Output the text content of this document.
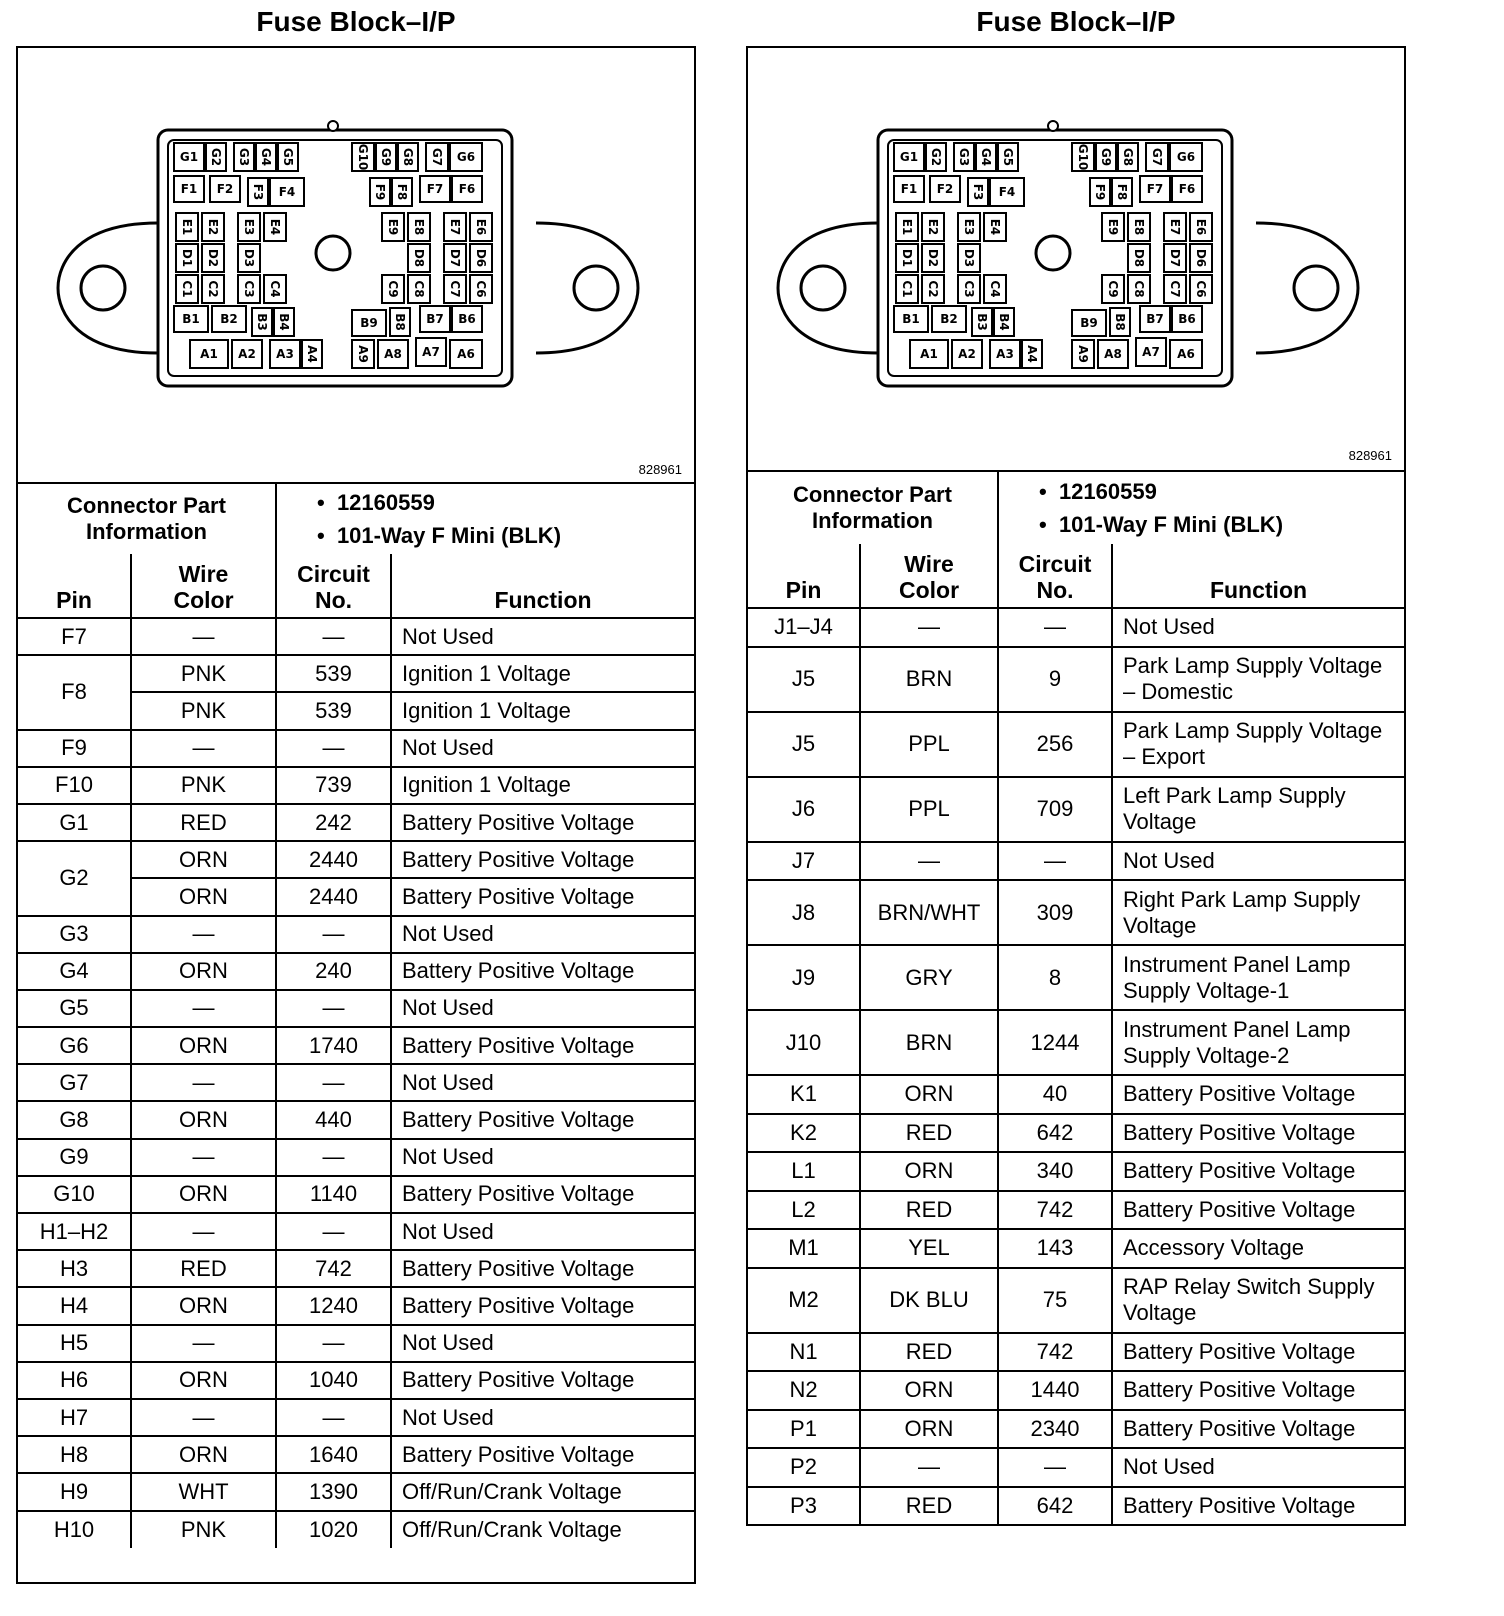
Fuse Block–I/P
G1 G2 G3 G4 G5
F1 F2 F3 F4
E1 E2 E3 E4
D1 D2 D3
C1 C2 C3 C4
B1 B2 B3 B4
A1 A2 A3 A4
G10 G9 G8 G7 G6
F9 F8 F7 F6
E9 E8 E7 E6
D8 D7 D6
C9 C8 C7 C6
B9 B8 B7 B6
A9 A8 A7 A6
828961
Connector Part Information

•  12160559
•  101-Way F Mini (BLK)
Pin	Wire Color	Circuit No.	Function
F7	—	—	Not Used
F8	PNK	539	Ignition 1 Voltage
	PNK	539	Ignition 1 Voltage
F9	—	—	Not Used
F10	PNK	739	Ignition 1 Voltage
G1	RED	242	Battery Positive Voltage
G2	ORN	2440	Battery Positive Voltage
	ORN	2440	Battery Positive Voltage
G3	—	—	Not Used
G4	ORN	240	Battery Positive Voltage
G5	—	—	Not Used
G6	ORN	1740	Battery Positive Voltage
G7	—	—	Not Used
G8	ORN	440	Battery Positive Voltage
G9	—	—	Not Used
G10	ORN	1140	Battery Positive Voltage
H1–H2	—	—	Not Used
H3	RED	742	Battery Positive Voltage
H4	ORN	1240	Battery Positive Voltage
H5	—	—	Not Used
H6	ORN	1040	Battery Positive Voltage
H7	—	—	Not Used
H8	ORN	1640	Battery Positive Voltage
H9	WHT	1390	Off/Run/Crank Voltage
H10	PNK	1020	Off/Run/Crank Voltage
Fuse Block–I/P
G1 G2 G3 G4 G5
F1 F2 F3 F4
E1 E2 E3 E4
D1 D2 D3
C1 C2 C3 C4
B1 B2 B3 B4
A1 A2 A3 A4
G10 G9 G8 G7 G6
F9 F8 F7 F6
E9 E8 E7 E6
D8 D7 D6
C9 C8 C7 C6
B9 B8 B7 B6
A9 A8 A7 A6
828961
Connector Part Information

•  12160559
•  101-Way F Mini (BLK)
Pin	Wire Color	Circuit No.	Function
J1–J4	—	—	Not Used
J5	BRN	9	Park Lamp Supply Voltage – Domestic
J5	PPL	256	Park Lamp Supply Voltage – Export
J6	PPL	709	Left Park Lamp Supply Voltage
J7	—	—	Not Used
J8	BRN/WHT	309	Right Park Lamp Supply Voltage
J9	GRY	8	Instrument Panel Lamp Supply Voltage-1
J10	BRN	1244	Instrument Panel Lamp Supply Voltage-2
K1	ORN	40	Battery Positive Voltage
K2	RED	642	Battery Positive Voltage
L1	ORN	340	Battery Positive Voltage
L2	RED	742	Battery Positive Voltage
M1	YEL	143	Accessory Voltage
M2	DK BLU	75	RAP Relay Switch Supply Voltage
N1	RED	742	Battery Positive Voltage
N2	ORN	1440	Battery Positive Voltage
P1	ORN	2340	Battery Positive Voltage
P2	—	—	Not Used
P3	RED	642	Battery Positive Voltage
